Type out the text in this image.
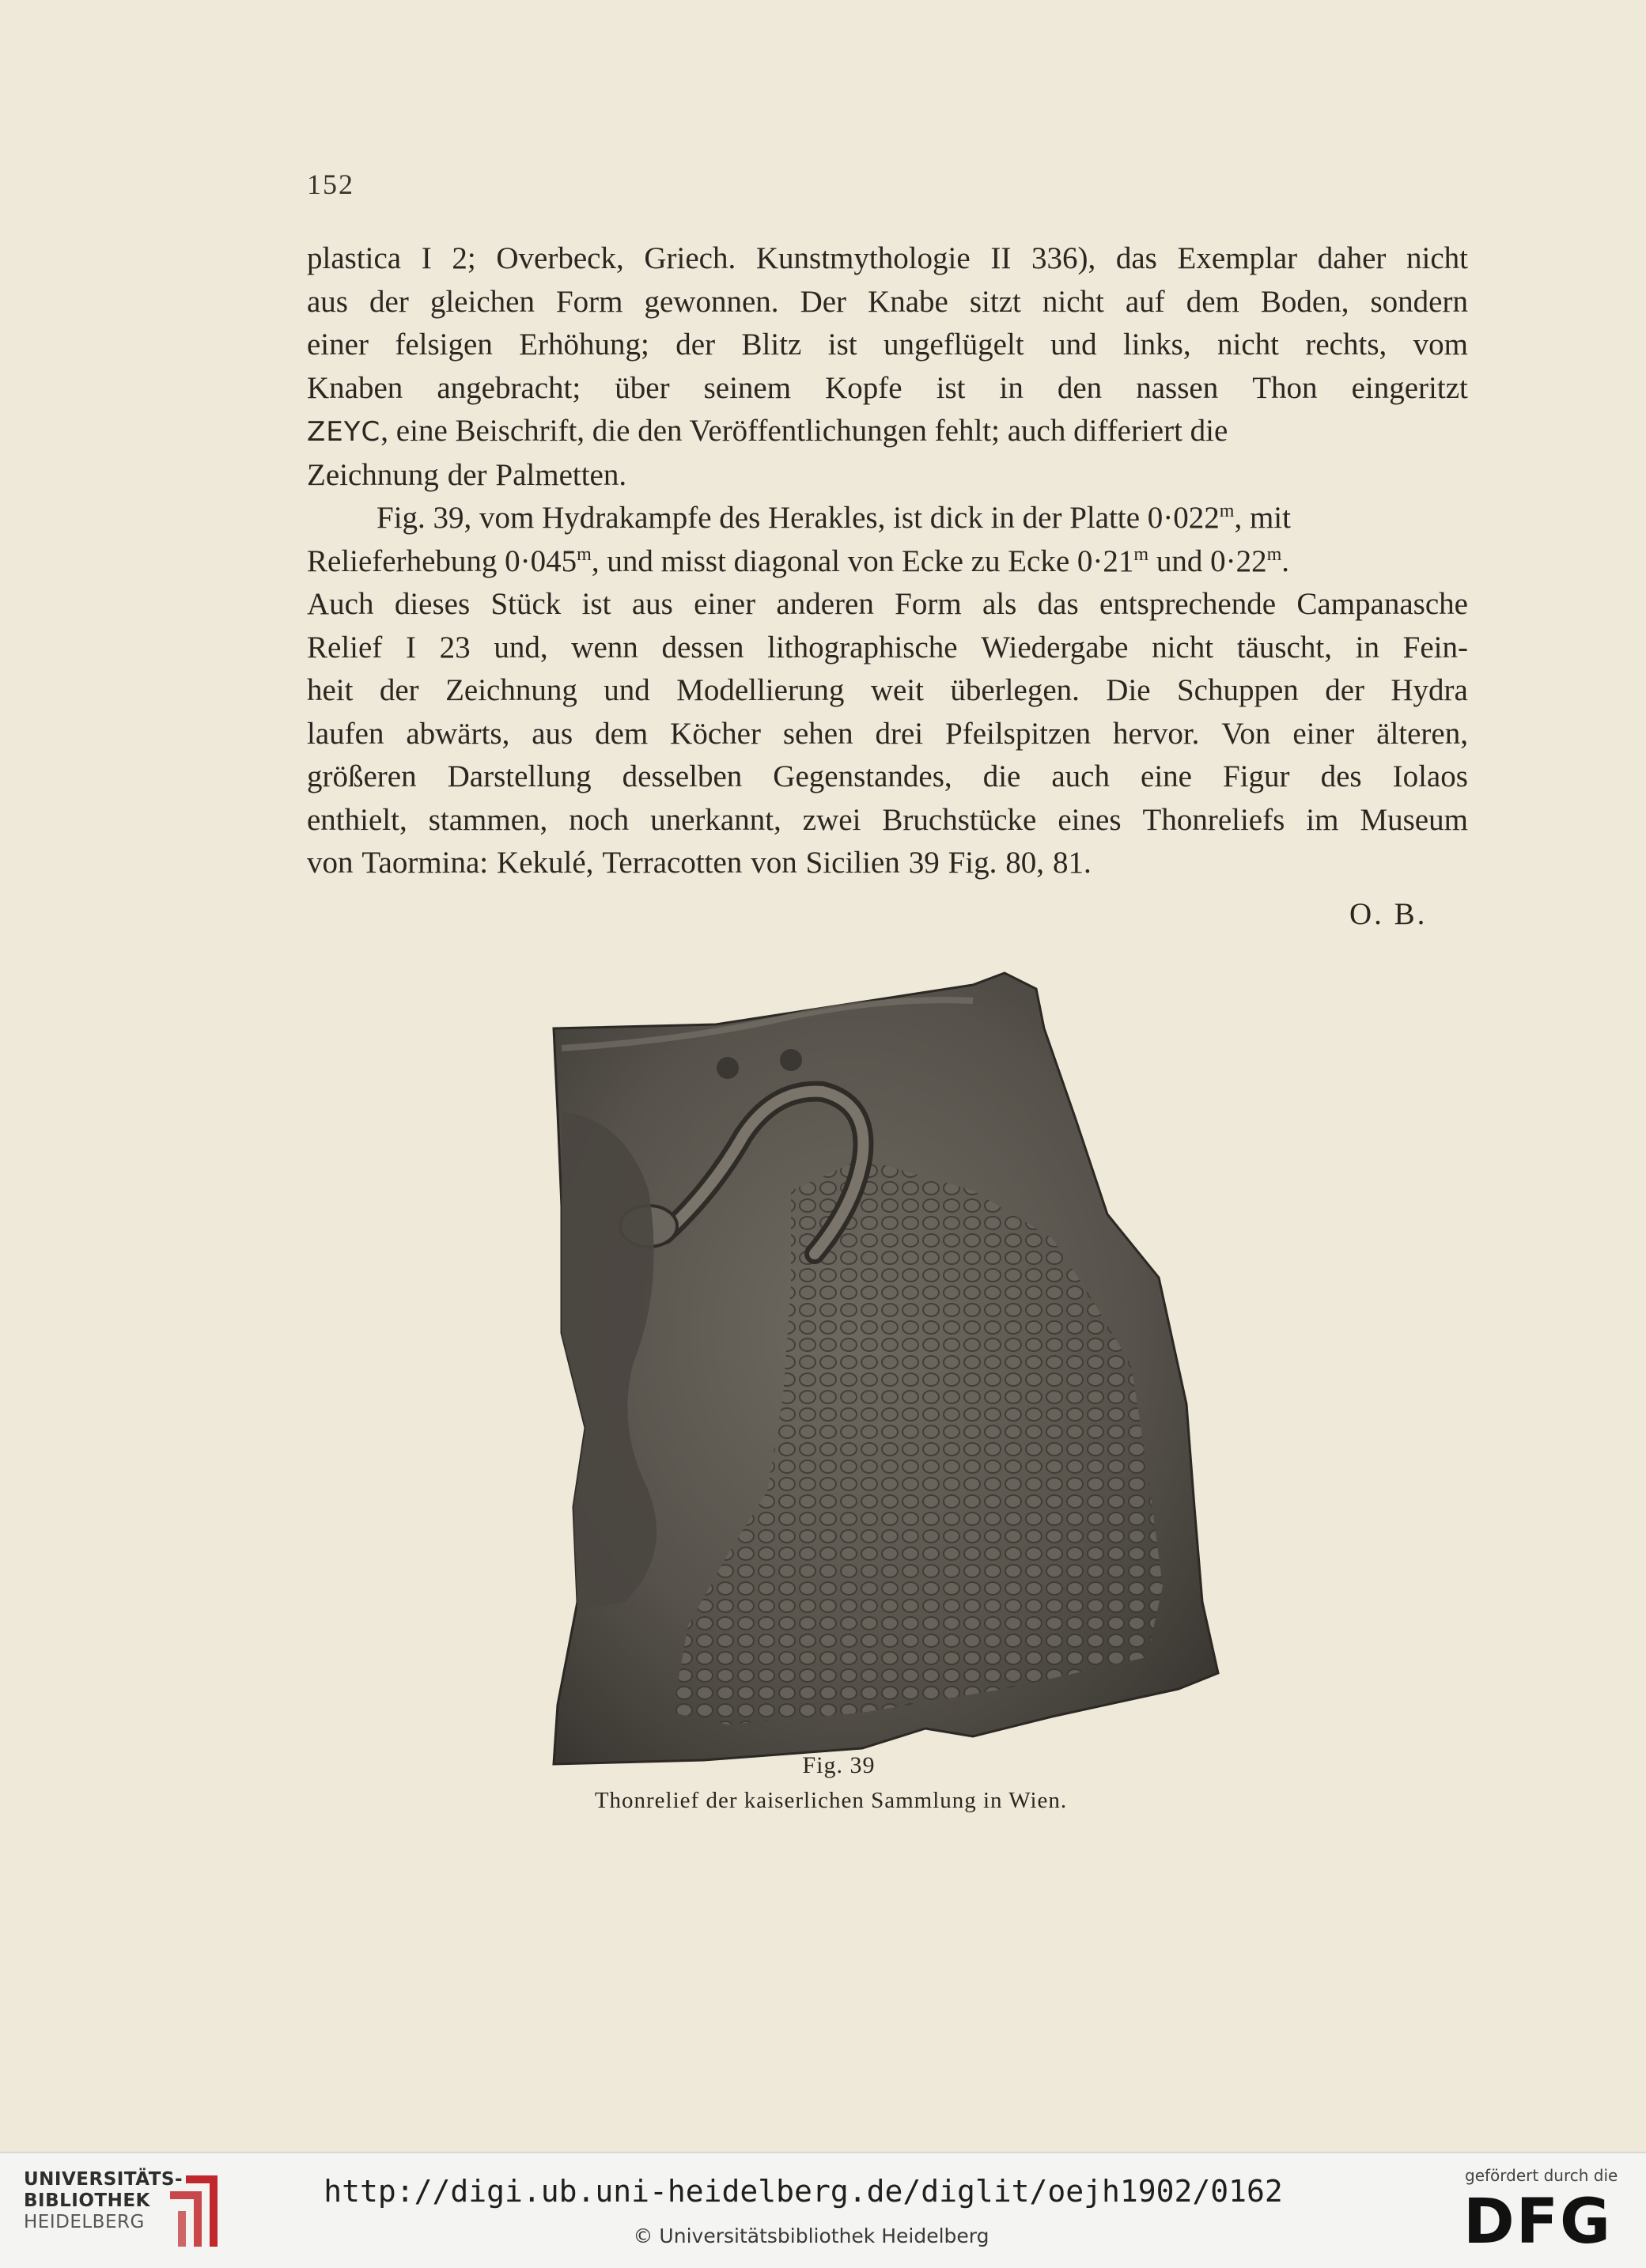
152
plastica I 2; Overbeck, Griech. Kunstmythologie II 336), das Exemplar daher nicht
aus der gleichen Form gewonnen. Der Knabe sitzt nicht auf dem Boden, sondern
einer felsigen Erhöhung; der Blitz ist ungeflügelt und links, nicht rechts, vom
Knaben angebracht; über seinem Kopfe ist in den nassen Thon eingeritzt
ΖΕΥϹ, eine Beischrift, die den Veröffentlichungen fehlt; auch differiert die
Zeichnung der Palmetten.
Fig. 39, vom Hydrakampfe des Herakles, ist dick in der Platte $0\cdot 022^m$, mit
Relieferhebung $0\cdot 045^m$, und misst diagonal von Ecke zu Ecke $0\cdot 21^m$ und $0\cdot 22^m$.
Auch dieses Stück ist aus einer anderen Form als das entsprechende Campanasche
Relief I 23 und, wenn dessen lithographische Wiedergabe nicht täuscht, in Fein-
heit der Zeichnung und Modellierung weit überlegen. Die Schuppen der Hydra
laufen abwärts, aus dem Köcher sehen drei Pfeilspitzen hervor. Von einer älteren,
größeren Darstellung desselben Gegenstandes, die auch eine Figur des Iolaos
enthielt, stammen, noch unerkannt, zwei Bruchstücke eines Thonreliefs im Museum
von Taormina: Kekulé, Terracotten von Sicilien 39 Fig. 80, 81.
O. B.
Fig. 39
Thonrelief der kaiserlichen Sammlung in Wien.
UNIVERSITÄTS-
BIBLIOTHEK
HEIDELBERG
http://digi.ub.uni-heidelberg.de/diglit/oejh1902/0162
© Universitätsbibliothek Heidelberg
gefördert durch die
DFG
